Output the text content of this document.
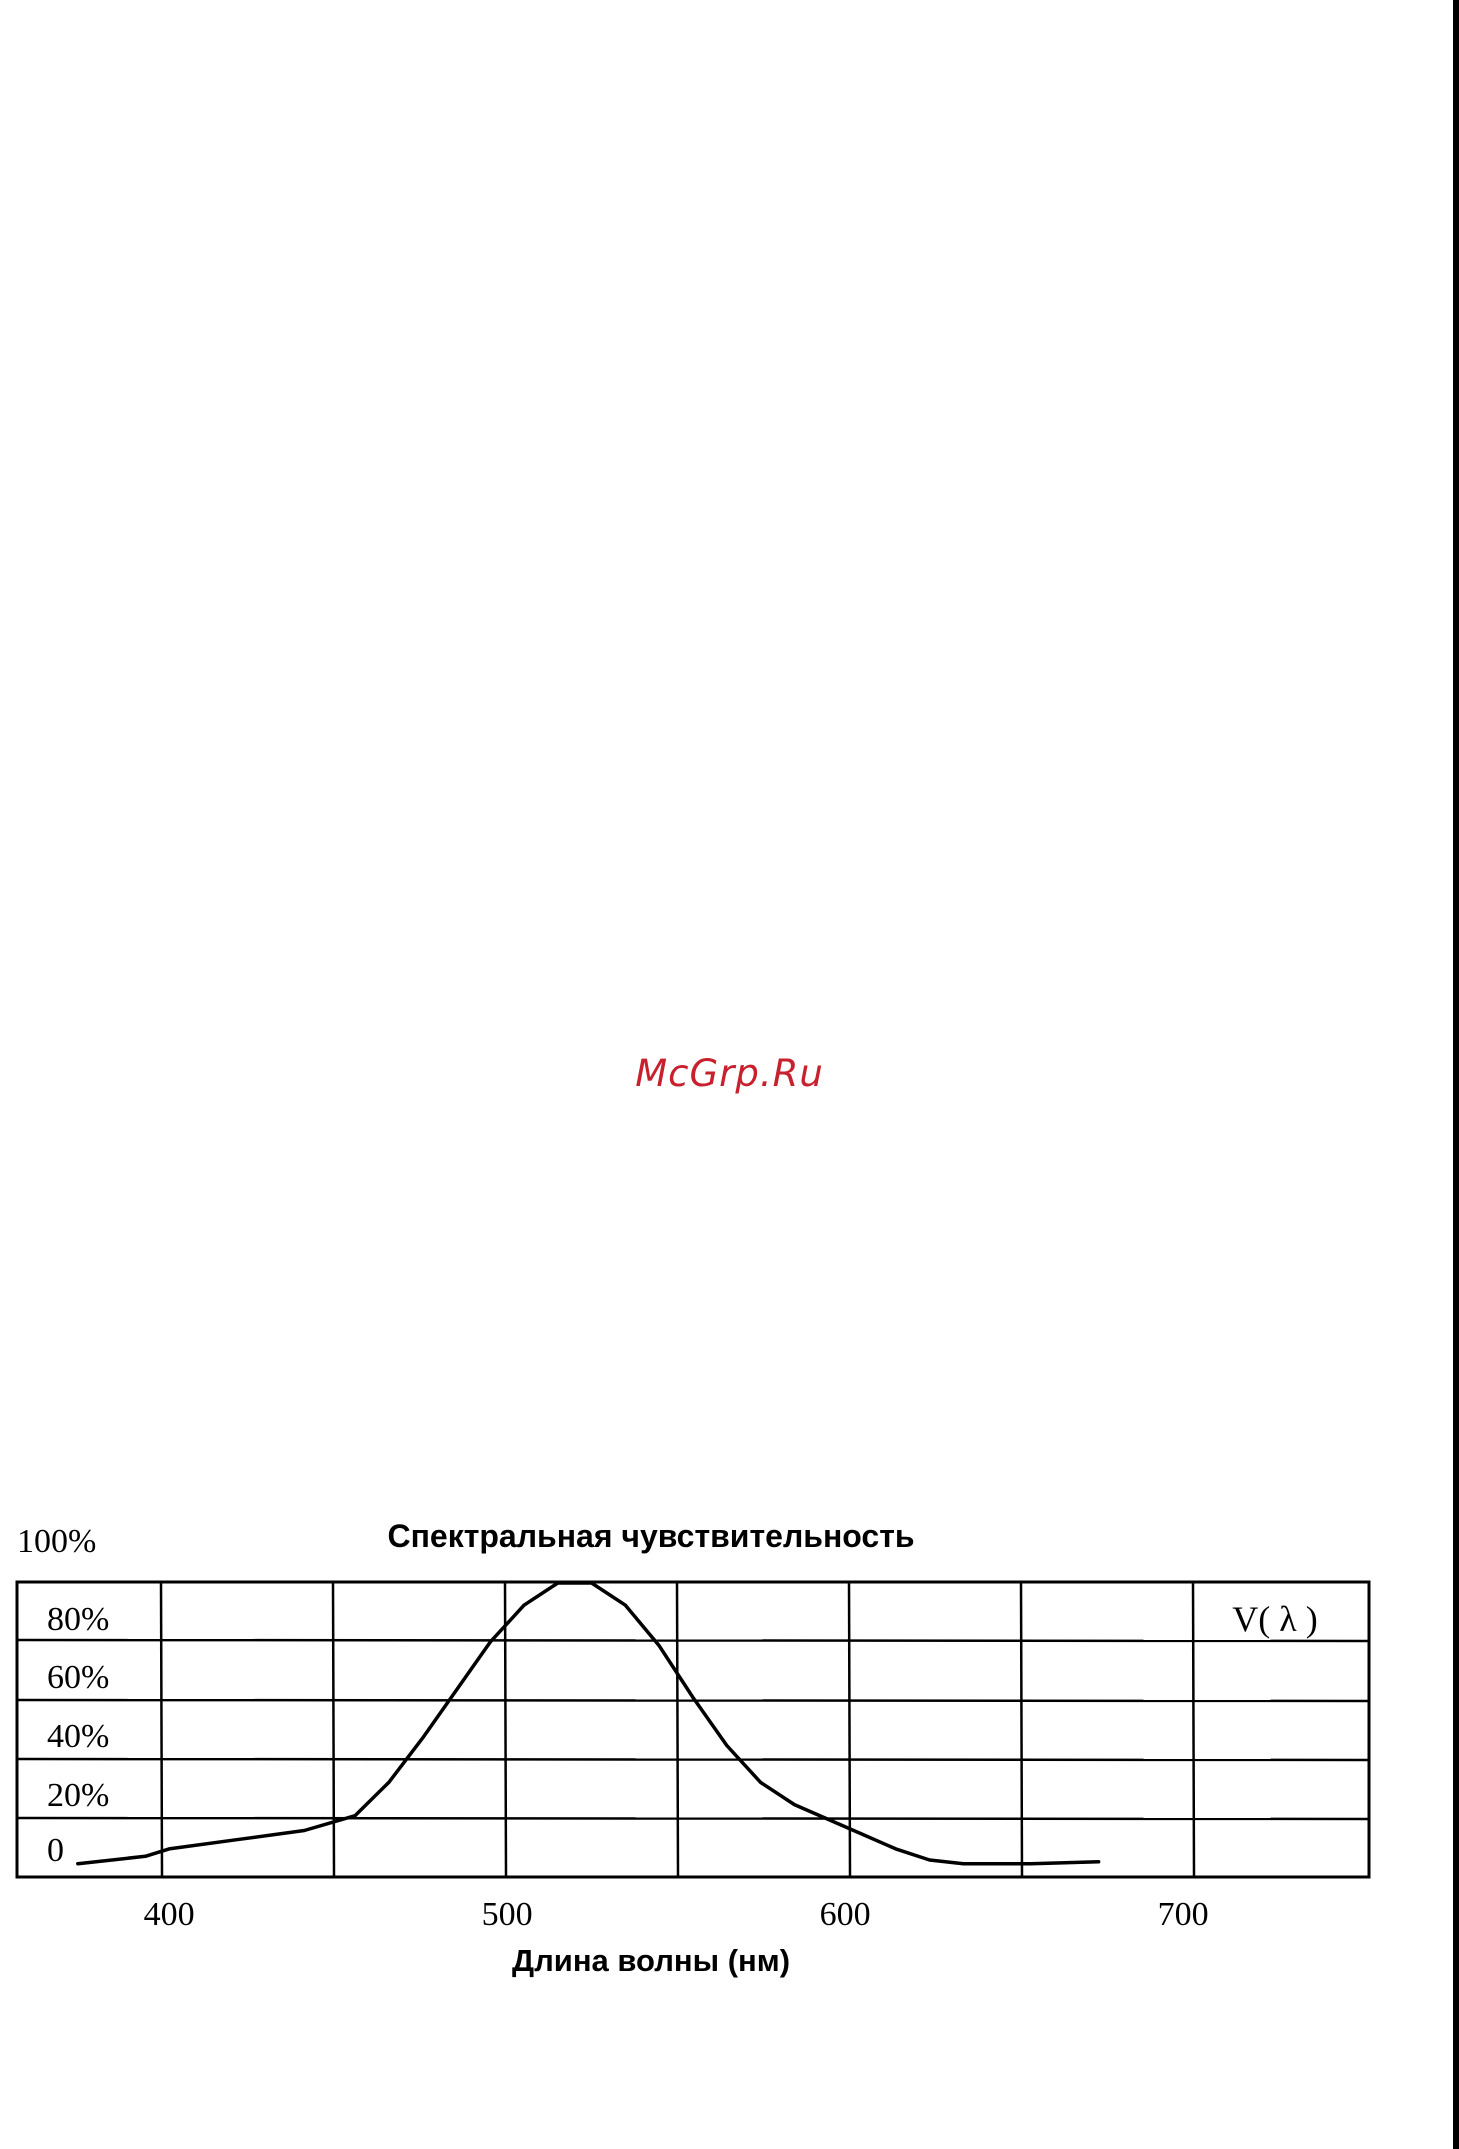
McGrp.Ru
Спектральная чувствительность
0
20%
40%
60%
80%
100%
400	500	600	700
V( λ )
Длина волны (нм)
